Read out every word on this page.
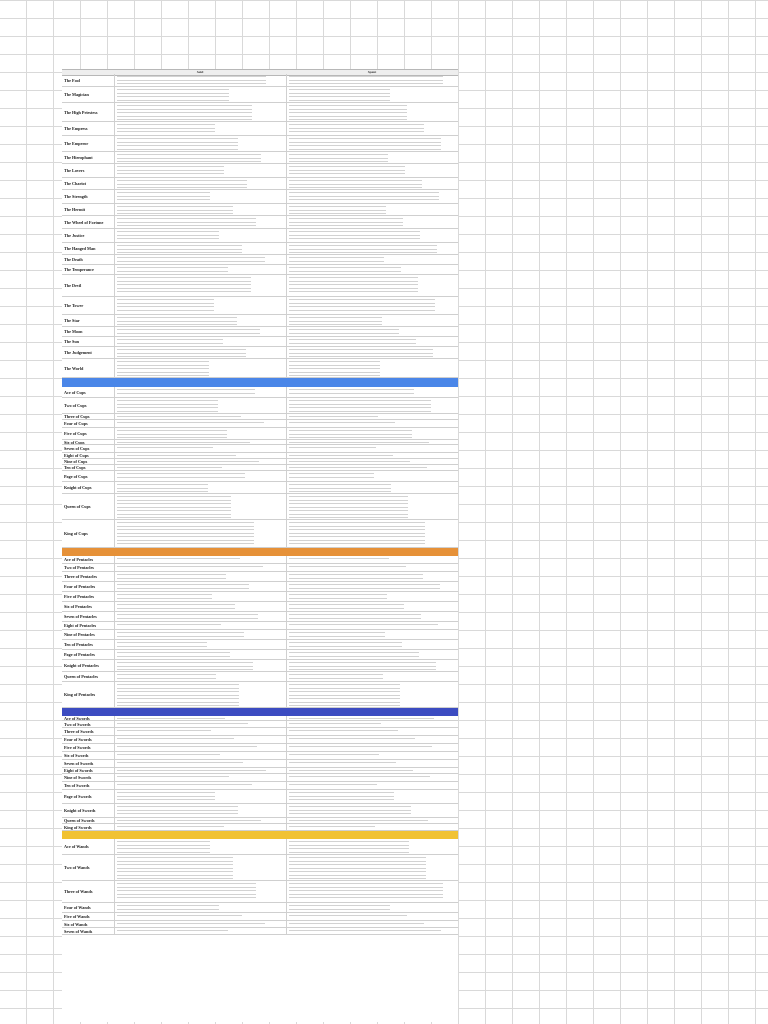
Sold	Spent
The Fool
The Magician
The High Priestess
The Empress
The Emperor
The Hierophant
The Lovers
The Chariot
The Strength
The Hermit
The Wheel of Fortune
The Justice
The Hanged Man
The Death
The Temperance
The Devil
The Tower
The Star
The Moon
The Sun
The Judgement
The World
Ace of Cups
Two of Cups
Three of Cups
Four of Cups
Five of Cups
Six of Cups
Seven of Cups
Eight of Cups
Nine of Cups
Ten of Cups
Page of Cups
Knight of Cups
Queen of Cups
King of Cups
Ace of Pentacles
Two of Pentacles
Three of Pentacles
Four of Pentacles
Five of Pentacles
Six of Pentacles
Seven of Pentacles
Eight of Pentacles
Nine of Pentacles
Ten of Pentacles
Page of Pentacles
Knight of Pentacles
Queen of Pentacles
King of Pentacles
Ace of Swords
Two of Swords
Three of Swords
Four of Swords
Five of Swords
Six of Swords
Seven of Swords
Eight of Swords
Nine of Swords
Ten of Swords
Page of Swords
Knight of Swords
Queen of Swords
King of Swords
Ace of Wands
Two of Wands
Three of Wands
Four of Wands
Five of Wands
Six of Wands
Seven of Wands
